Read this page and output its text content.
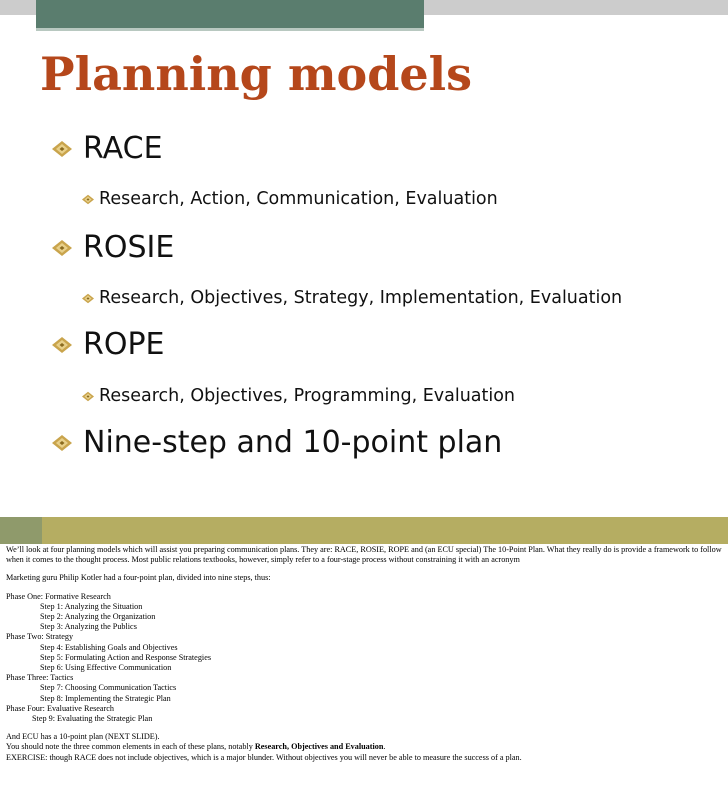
Planning models
RACE
Research, Action, Communication, Evaluation
ROSIE
Research, Objectives, Strategy, Implementation, Evaluation
ROPE
Research, Objectives, Programming, Evaluation
Nine-step and 10-point plan

We’ll look at four planning models which will assist you preparing communication plans. They are: RACE, ROSIE, ROPE and (an ECU special) The 10-Point Plan. What they really do is provide a framework to follow when it comes to the thought process. Most public relations textbooks, however, simply refer to a four-stage process without constraining it with an acronym

Marketing guru Philip Kotler had a four-point plan, divided into nine steps, thus:

Phase One: Formative Research

Step 1: Analyzing the Situation

Step 2: Analyzing the Organization

Step 3: Analyzing the Publics

Phase Two: Strategy

Step 4: Establishing Goals and Objectives

Step 5: Formulating Action and Response Strategies

Step 6: Using Effective Communication

Phase Three: Tactics

Step 7: Choosing Communication Tactics

Step 8: Implementing the Strategic Plan

Phase Four: Evaluative Research

Step 9: Evaluating the Strategic Plan

And ECU has a 10-point plan (NEXT SLIDE).

You should note the three common elements in each of these plans, notably Research, Objectives and Evaluation.

EXERCISE: though RACE does not include objectives, which is a major blunder. Without objectives you will never be able to measure the success of a plan.
